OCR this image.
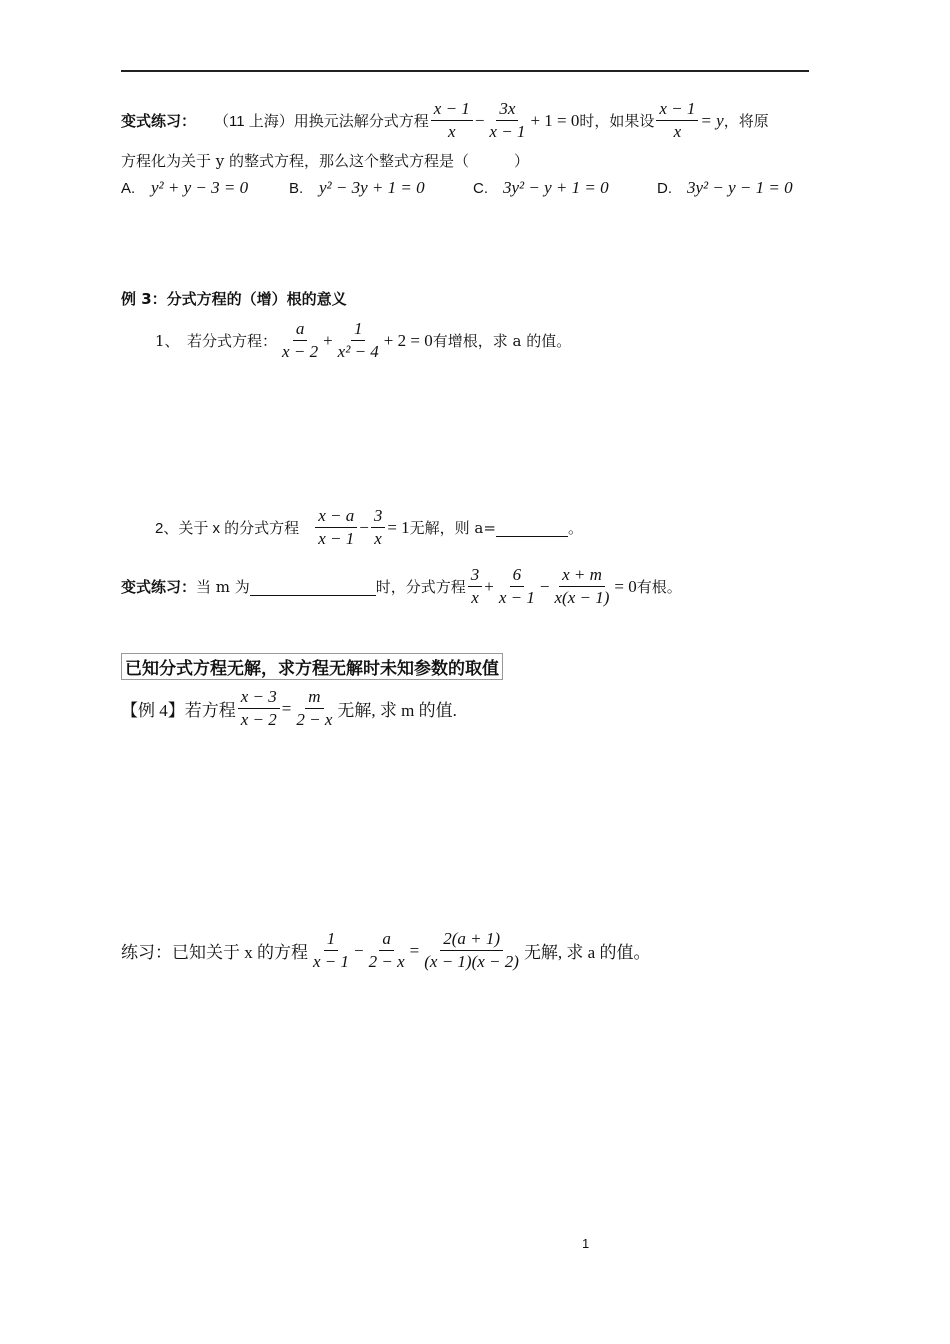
变式练习： （11 上海） 用换元法解分式方程 $\frac{x - 1}{x} - \frac{3x}{x - 1} + 1 = 0$ 时，如果设 $\frac{x - 1}{x} = y$ ，将原
方程化为关于 y 的整式方程，那么这个整式方程是（　　　）
A. y² + y − 3 = 0	B. y² − 3y + 1 = 0	C. 3y² − y + 1 = 0	D. 3y² − y − 1 = 0
例 3：分式方程的（增）根的意义
1、　若分式方程： $\frac{a}{x - 2} + \frac{1}{\text{x² − 4}} + 2 = 0$ 有增根，求 a 的值。
2、关于 x 的分式方程 $\frac{x - a}{x - 1} - \frac{3}{x} = 1$ 无解，则 a=	。
变式练习： 当 m 为	时，分式方程 $\frac{3}{x} + \frac{6}{x - 1} - \frac{x + m}{x(x - 1)} = 0$ 有根。
已知分式方程无解，求方程无解时未知参数的取值
【例 4】若方程 $\frac{x - 3}{x - 2} = \frac{m}{2 - x}$ 无解, 求 m 的值.
练习：已知关于 x 的方程 $\frac{1}{x - 1} - \frac{a}{2 - x} = \frac{2(a + 1)}{(x - 1)(x - 2)}$ 无解, 求 a 的值。
1
